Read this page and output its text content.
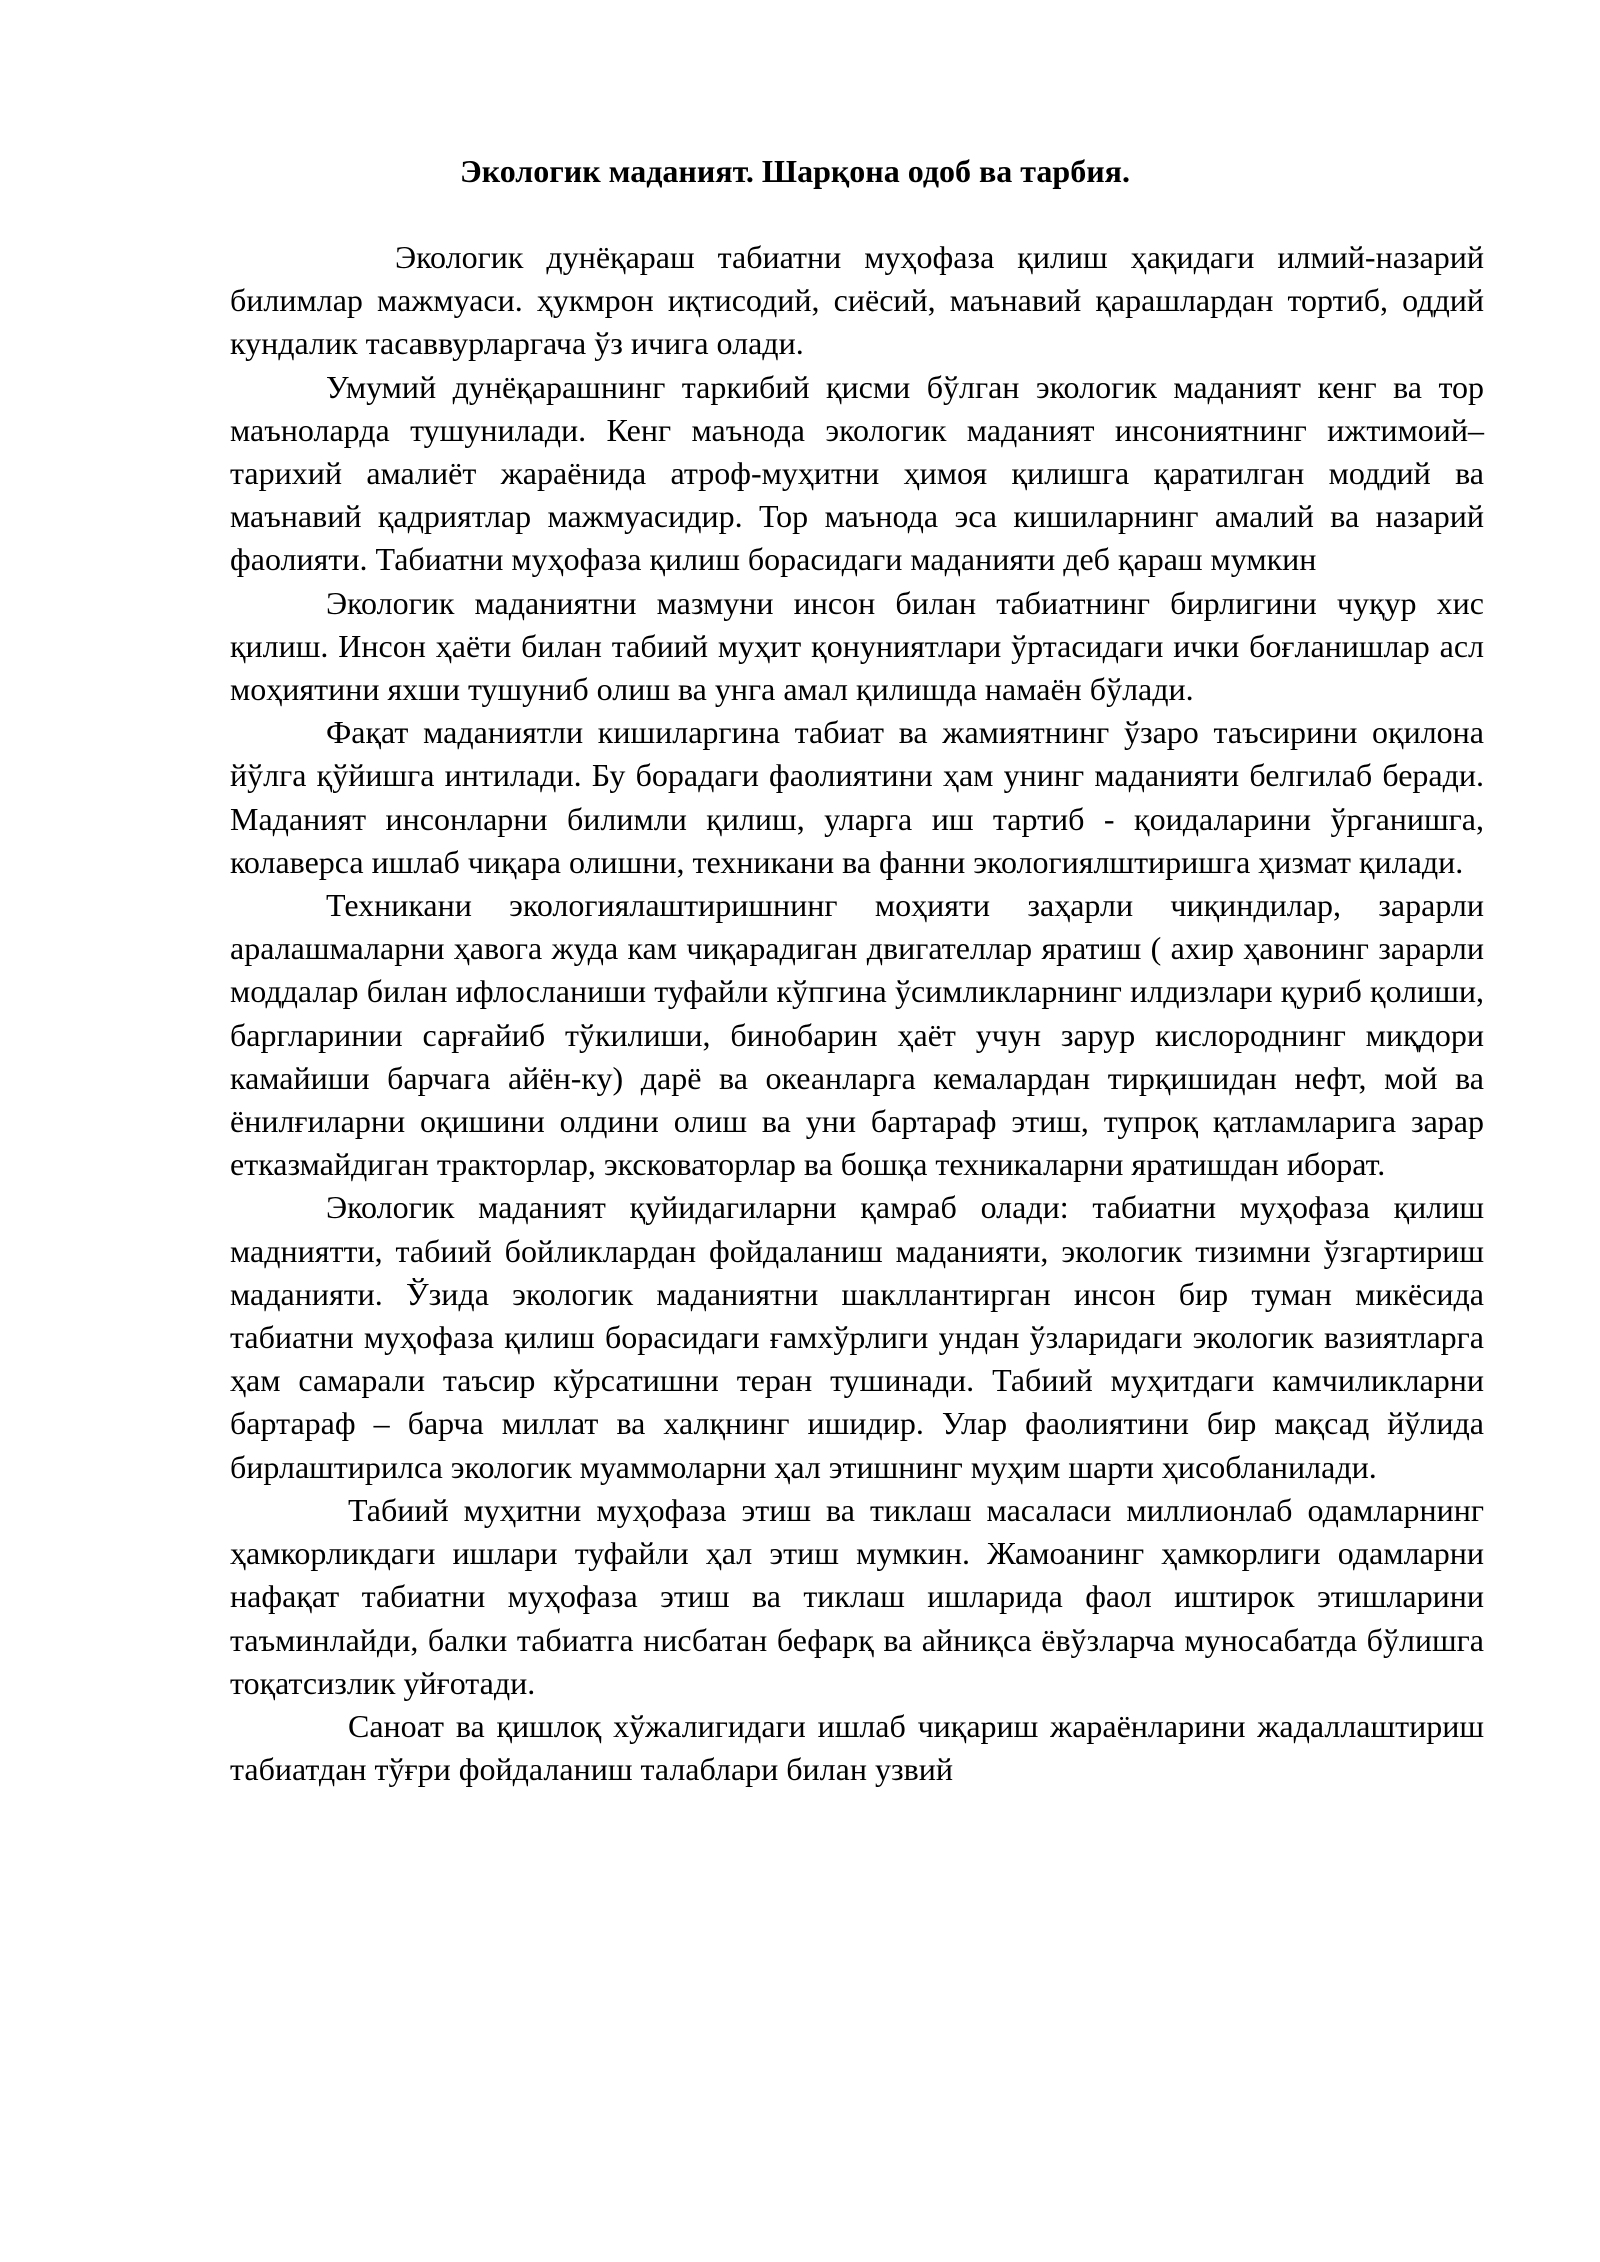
Экологик маданият. Шарқона одоб ва тарбия.

Экологик дунёқараш табиатни муҳофаза қилиш ҳақидаги илмий-назарий билимлар мажмуаси. ҳукмрон иқтисодий, сиёсий, маънавий қарашлардан тортиб, оддий кундалик тасаввурларгача ўз ичига олади.

Умумий дунёқарашнинг таркибий қисми бўлган экологик маданият кенг ва тор маъноларда тушунилади. Кенг маънода экологик маданият инсониятнинг ижтимоий–тарихий амалиёт жараёнида атроф-муҳитни ҳимоя қилишга қаратилган моддий ва маънавий қадриятлар мажмуасидир. Тор маънода эса кишиларнинг амалий ва назарий фаолияти. Табиатни муҳофаза қилиш борасидаги маданияти деб қараш мумкин

Экологик маданиятни мазмуни инсон билан табиатнинг бирлигини чуқур хис қилиш. Инсон ҳаёти билан табиий муҳит қонуниятлари ўртасидаги ички боғланишлар асл моҳиятини яхши тушуниб олиш ва унга амал қилишда намаён бўлади.

Фақат маданиятли кишиларгина табиат ва жамиятнинг ўзаро таъсирини оқилона йўлга қўйишга интилади. Бу борадаги фаолиятини ҳам унинг маданияти белгилаб беради. Маданият инсонларни билимли қилиш, уларга иш тартиб - қоидаларини ўрганишга, колаверса ишлаб чиқара олишни, техникани ва фанни экологиялштиришга ҳизмат қилади.

Техникани экологиялаштиришнинг моҳияти заҳарли чиқиндилар, зарарли аралашмаларни ҳавога жуда кам чиқарадиган двигателлар яратиш ( ахир ҳавонинг зарарли моддалар билан ифлосланиши туфайли кўпгина ўсимликларнинг илдизлари қуриб қолиши, баргларинии сарғайиб тўкилиши, бинобарин ҳаёт учун зарур кислороднинг миқдори камайиши барчага айён-ку) дарё ва океанларга кемалардан тирқишидан нефт, мой ва ёнилғиларни оқишини олдини олиш ва уни бартараф этиш, тупроқ қатламларига зарар етказмайдиган тракторлар, эксковаторлар ва бошқа техникаларни яратишдан иборат.

Экологик маданият қуйидагиларни қамраб олади: табиатни муҳофаза қилиш мадниятти, табиий бойликлардан фойдаланиш маданияти, экологик тизимни ўзгартириш маданияти. Ўзида экологик маданиятни шакллантирган инсон бир туман микёсида табиатни муҳофаза қилиш борасидаги ғамхўрлиги ундан ўзларидаги экологик вазиятларга ҳам самарали таъсир кўрсатишни теран тушинади. Табиий муҳитдаги камчиликларни бартараф – барча миллат ва халқнинг ишидир. Улар фаолиятини бир мақсад йўлида бирлаштирилса экологик муаммоларни ҳал этишнинг муҳим шарти ҳисобланилади.

Табиий муҳитни муҳофаза этиш ва тиклаш масаласи миллионлаб одамларнинг ҳамкорликдаги ишлари туфайли ҳал этиш мумкин. Жамоанинг ҳамкорлиги одамларни нафақат табиатни муҳофаза этиш ва тиклаш ишларида фаол иштирок этишларини таъминлайди, балки табиатга нисбатан бефарқ ва айниқса ёвўзларча муносабатда бўлишга тоқатсизлик уйғотади.

Саноат ва қишлоқ хўжалигидаги ишлаб чиқариш жараёнларини жадаллаштириш табиатдан тўғри фойдаланиш талаблари билан узвий
